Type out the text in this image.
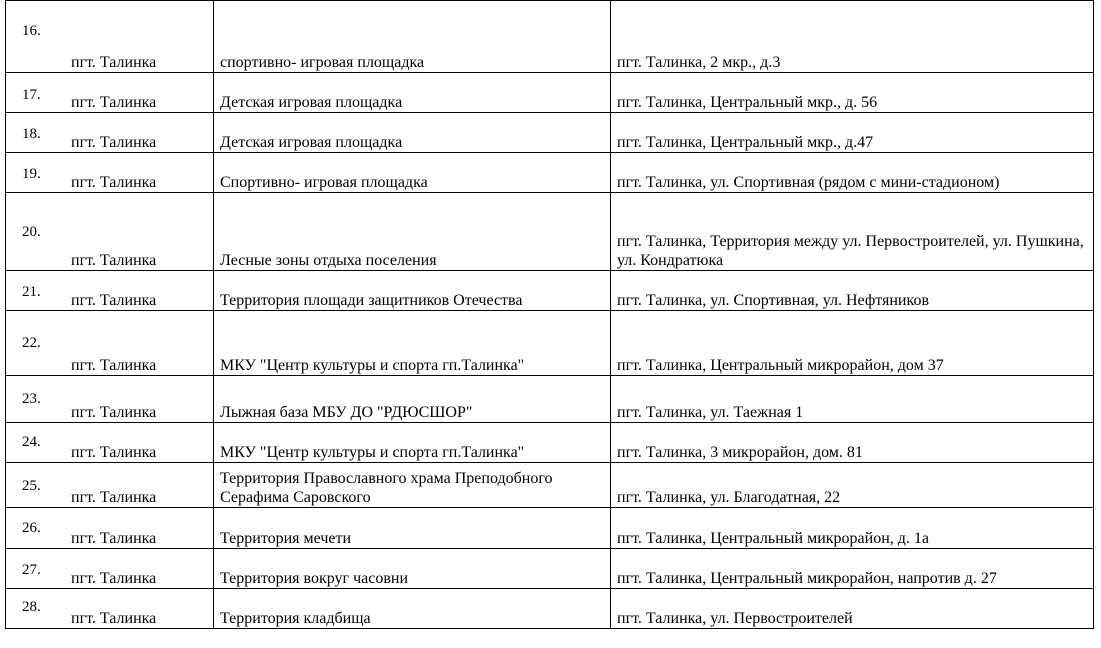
16.
пгт. Талинка	спортивно- игровая площадка	пгт. Талинка, 2 мкр., д.3

17. пгт. Талинка	Детская игровая площадка	пгт. Талинка, Центральный мкр., д. 56

18. пгт. Талинка	Детская игровая площадка	пгт. Талинка, Центральный мкр., д.47

19. пгт. Талинка	Спортивно- игровая площадка	пгт. Талинка, ул. Спортивная (рядом с мини-стадионом)

20.
пгт. Талинка	Лесные зоны отдыха поселения	пгт. Талинка, Территория между ул. Первостроителей, ул. Пушкина, ул. Кондратюка

21. пгт. Талинка	Территория площади защитников Отечества	пгт. Талинка, ул. Спортивная, ул. Нефтяников

22.
пгт. Талинка	МКУ "Центр культуры и спорта гп.Талинка"	пгт. Талинка, Центральный микрорайон, дом 37

23.
пгт. Талинка	Лыжная база МБУ ДО "РДЮСШОР"	пгт. Талинка, ул. Таежная 1

24.
пгт. Талинка	МКУ "Центр культуры и спорта гп.Талинка"	пгт. Талинка, 3 микрорайон, дом. 81

25.
пгт. Талинка	Территория Православного храма Преподобного Серафима Саровского	пгт. Талинка, ул. Благодатная, 22

26.
пгт. Талинка	Территория мечети	пгт. Талинка, Центральный микрорайон, д. 1а

27. пгт. Талинка	Территория вокруг часовни	пгт. Талинка, Центральный микрорайон, напротив д. 27

28.
пгт. Талинка	Территория кладбища	пгт. Талинка, ул. Первостроителей
